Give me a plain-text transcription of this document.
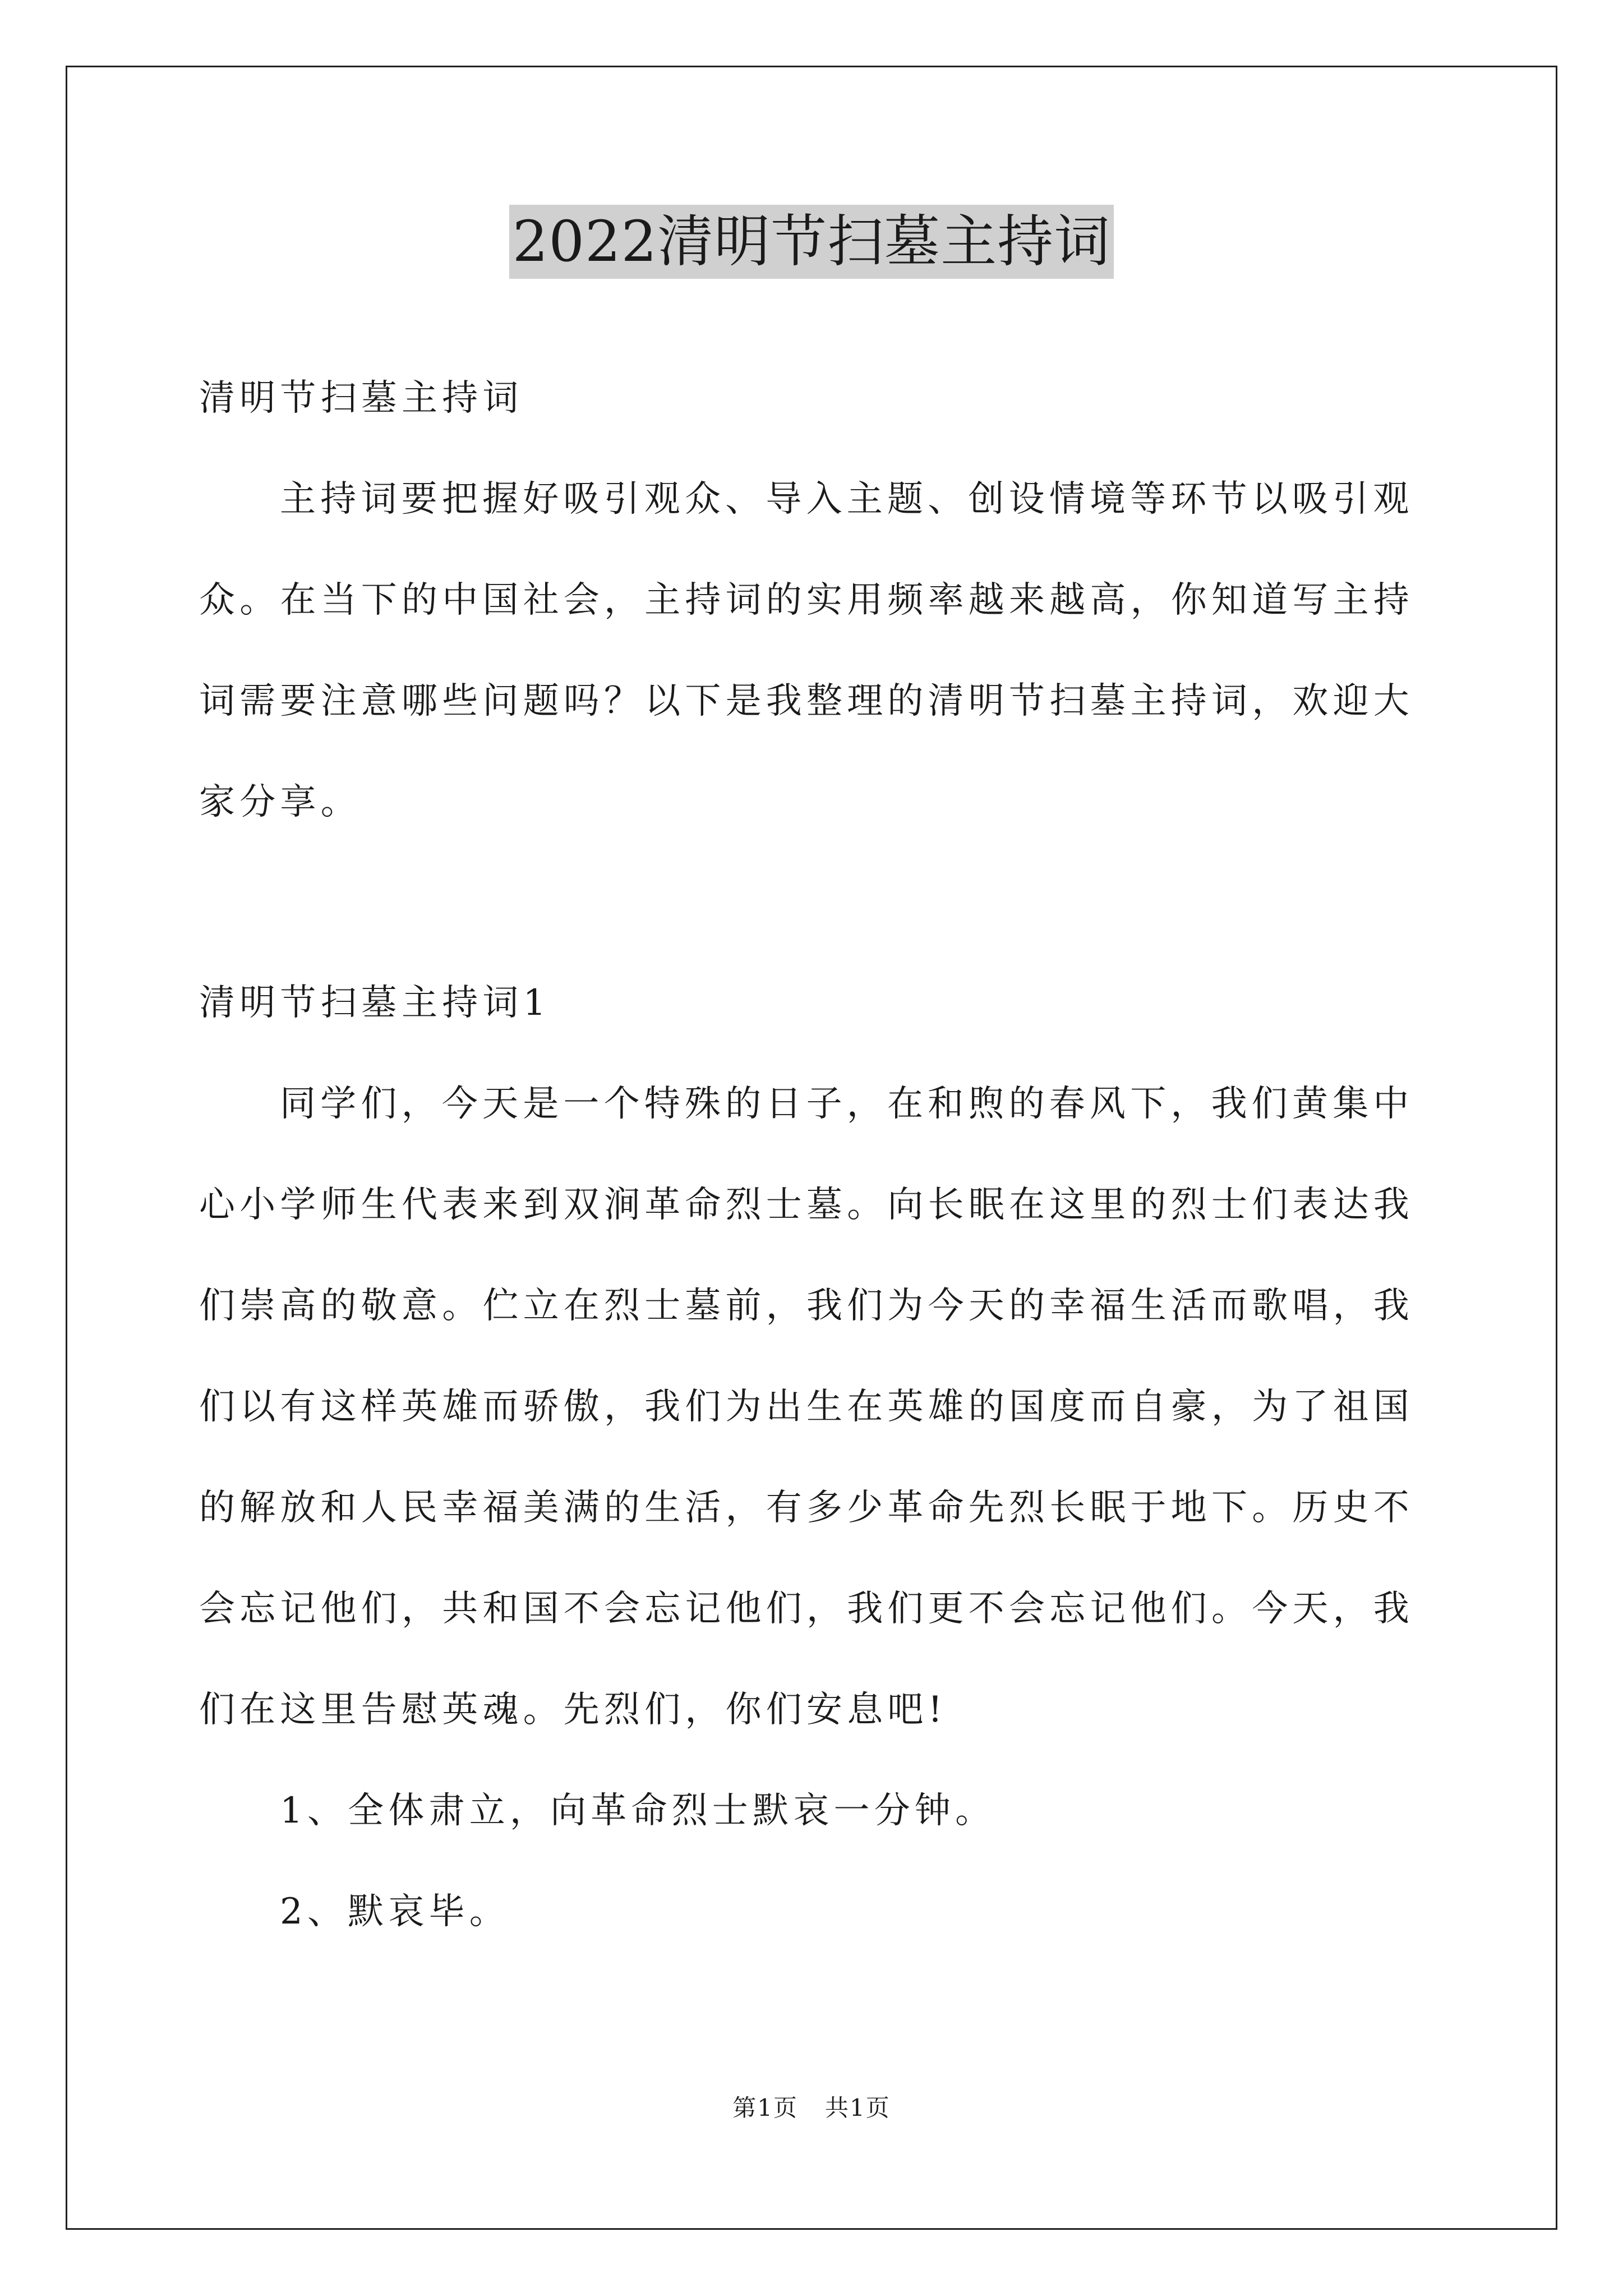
2022清明节扫墓主持词

清明节扫墓主持词

主持词要把握好吸引观众、导入主题、创设情境等环节以吸引观众。在当下的中国社会，主持词的实用频率越来越高，你知道写主持词需要注意哪些问题吗？以下是我整理的清明节扫墓主持词，欢迎大家分享。

清明节扫墓主持词1

同学们，今天是一个特殊的日子，在和煦的春风下，我们黄集中心小学师生代表来到双涧革命烈士墓。向长眠在这里的烈士们表达我们崇高的敬意。伫立在烈士墓前，我们为今天的幸福生活而歌唱，我们以有这样英雄而骄傲，我们为出生在英雄的国度而自豪，为了祖国的解放和人民幸福美满的生活，有多少革命先烈长眠于地下。历史不会忘记他们，共和国不会忘记他们，我们更不会忘记他们。今天，我们在这里告慰英魂。先烈们，你们安息吧!

1、全体肃立，向革命烈士默哀一分钟。

2、默哀毕。

第1页 共1页
